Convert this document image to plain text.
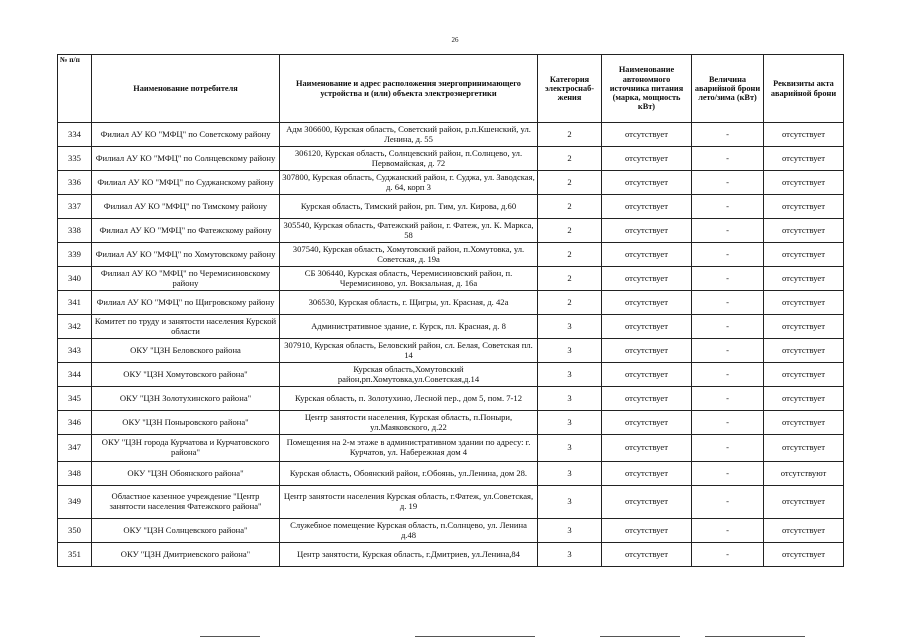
26
№ п/п	Наименование потребителя	Наименование и адрес расположения энергопринимающего устройства и (или) объекта электроэнергетики	Категория электроснаб-жения	Наименование автономного источника питания (марка, мощность кВт)	Величина аварийной брони лето/зима (кВт)	Реквизиты акта аварийной брони
334	Филиал АУ КО "МФЦ" по Советскому району	Адм 306600, Курская область, Советский район, р.п.Кшенский, ул. Ленина, д. 55	2	отсутствует	-	отсутствует
335	Филиал АУ КО "МФЦ" по Солнцевскому району	306120, Курская область, Солнцевский район, п.Солнцево, ул. Первомайская, д. 72	2	отсутствует	-	отсутствует
336	Филиал АУ КО "МФЦ" по Суджанскому району	307800, Курская область, Суджанский район, г. Суджа, ул. Заводская, д. 64, корп 3	2	отсутствует	-	отсутствует
337	Филиал АУ КО "МФЦ" по Тимскому району	Курская область, Тимский район, рп. Тим, ул. Кирова, д.60	2	отсутствует	-	отсутствует
338	Филиал АУ КО "МФЦ" по Фатежскому району	305540, Курская область, Фатежский район, г. Фатеж, ул. К. Маркса, 58	2	отсутствует	-	отсутствует
339	Филиал АУ КО "МФЦ" по Хомутовскому району	307540, Курская область, Хомутовский район, п.Хомутовка, ул. Советская, д. 19а	2	отсутствует	-	отсутствует
340	Филиал АУ КО "МФЦ" по Черемисиновскому району	СБ 306440, Курская область, Черемисиновский район, п. Черемисиново, ул. Вокзальная, д. 16а	2	отсутствует	-	отсутствует
341	Филиал АУ КО "МФЦ" по Щигровскому району	306530, Курская область, г. Щигры, ул. Красная, д. 42а	2	отсутствует	-	отсутствует
342	Комитет по труду и занятости населения Курской области	Административное здание, г. Курск, пл. Красная, д. 8	3	отсутствует	-	отсутствует
343	ОКУ "ЦЗН Беловского района	307910, Курская область, Беловский район, сл. Белая, Советская пл. 14	3	отсутствует	-	отсутствует
344	ОКУ "ЦЗН Хомутовского района"	Курская область,Хомутовский район,рп.Хомутовка,ул.Советская,д.14	3	отсутствует	-	отсутствует
345	ОКУ "ЦЗН Золотухинского района"	Курская область, п. Золотухино, Лесной пер., дом 5, пом. 7-12	3	отсутствует	-	отсутствует
346	ОКУ "ЦЗН Поныровского района"	Центр занятости населения, Курская область, п.Поныри, ул.Маяковского, д.22	3	отсутствует	-	отсутствует
347	ОКУ "ЦЗН города Курчатова и Курчатовского района"	Помещения на 2-м этаже в административном здании по адресу: г. Курчатов, ул. Набережная дом 4	3	отсутствует	-	отсутствует
348	ОКУ "ЦЗН Обоянского района"	Курская область, Обоянский район, г.Обоянь, ул.Ленина, дом 28.	3	отсутствует	-	отсутствуют
349	Областное казенное учреждение "Центр занятости населения Фатежского района"	Центр занятости населения Курская область, г.Фатеж, ул.Советская, д. 19	3	отсутствует	-	отсутствует
350	ОКУ "ЦЗН Солнцевского района"	Служебное помещение Курская область, п.Солнцево, ул. Ленина д.48	3	отсутствует	-	отсутствует
351	ОКУ "ЦЗН Дмитриевского района"	Центр занятости, Курская область, г.Дмитриев, ул.Ленина,84	3	отсутствует	-	отсутствует
